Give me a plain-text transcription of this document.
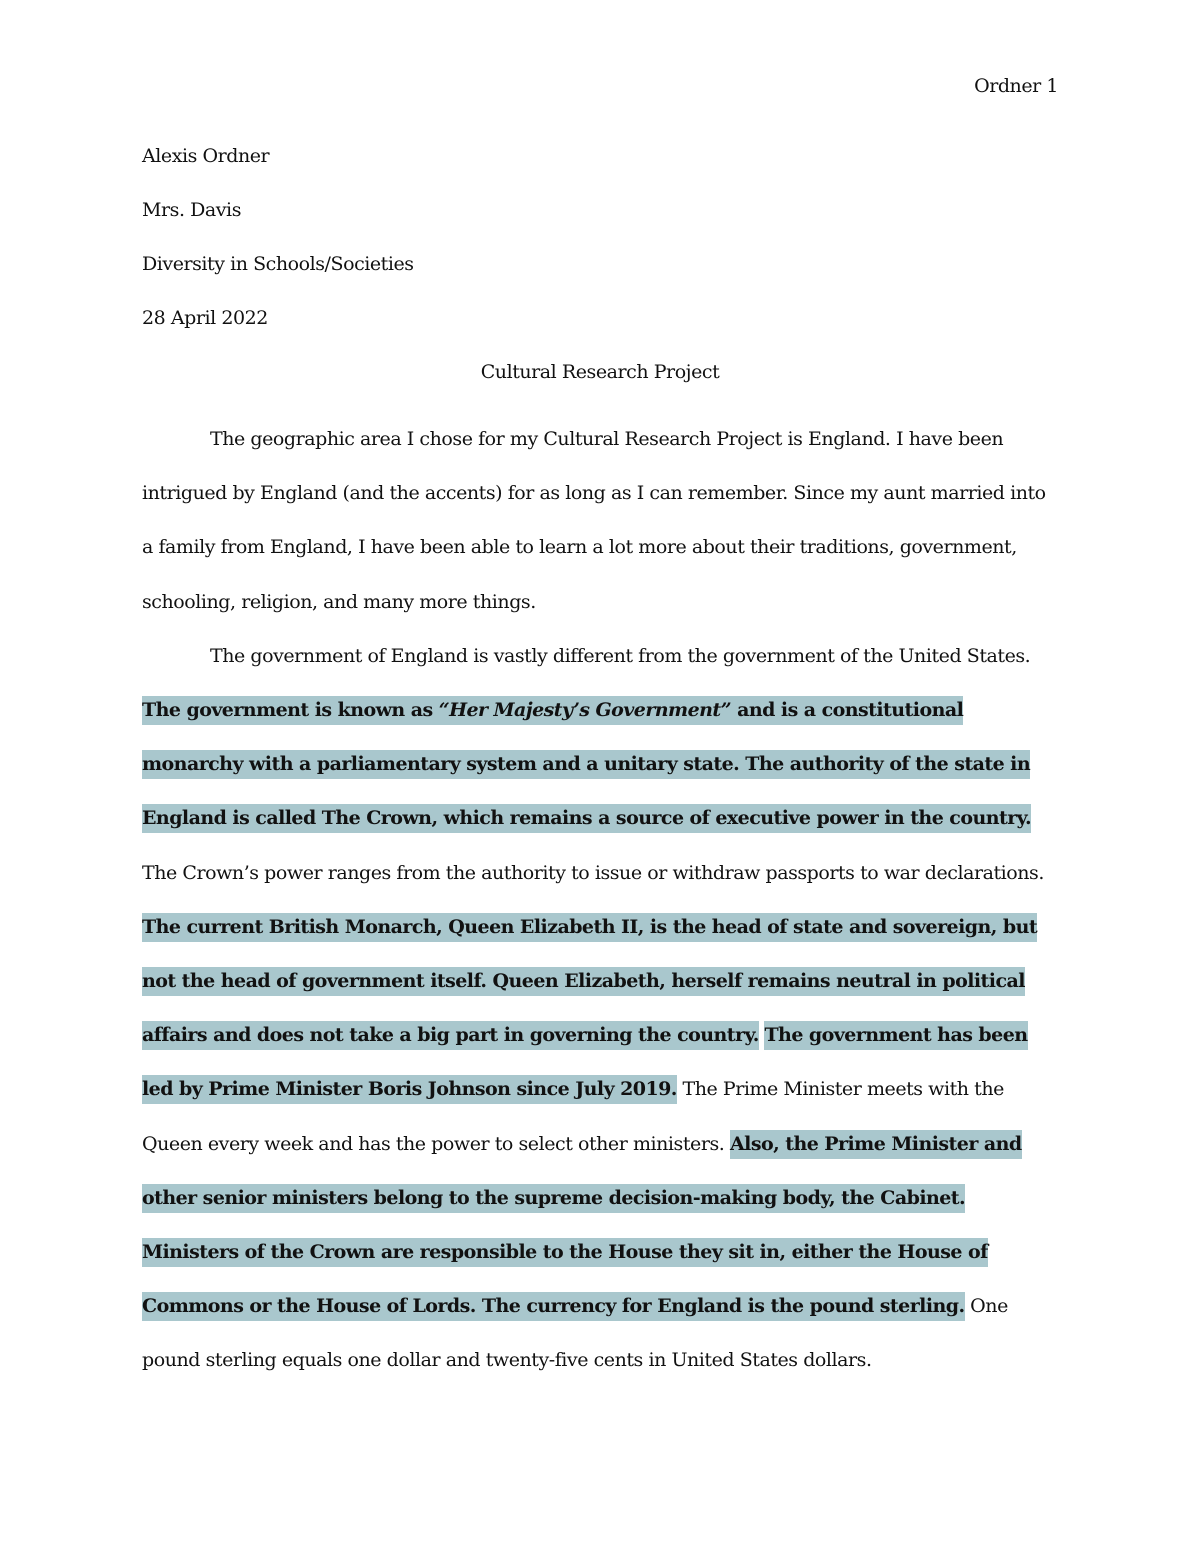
Ordner 1
Alexis Ordner
Mrs. Davis
Diversity in Schools/Societies
28 April 2022
Cultural Research Project

The geographic area I chose for my Cultural Research Project is England. I have been intrigued by England (and the accents) for as long as I can remember. Since my aunt married into a family from England, I have been able to learn a lot more about their traditions, government, schooling, religion, and many more things.

The government of England is vastly different from the government of the United States. The government is known as “Her Majesty’s Government” and is a constitutional monarchy with a parliamentary system and a unitary state. The authority of the state in England is called The Crown, which remains a source of executive power in the country. The Crown’s power ranges from the authority to issue or withdraw passports to war declarations. The current British Monarch, Queen Elizabeth II, is the head of state and sovereign, but not the head of government itself. Queen Elizabeth, herself remains neutral in political affairs and does not take a big part in governing the country. The government has been led by Prime Minister Boris Johnson since July 2019. The Prime Minister meets with the Queen every week and has the power to select other ministers. Also, the Prime Minister and other senior ministers belong to the supreme decision-making body, the Cabinet. Ministers of the Crown are responsible to the House they sit in, either the House of Commons or the House of Lords. The currency for England is the pound sterling. One pound sterling equals one dollar and twenty-five cents in United States dollars.
